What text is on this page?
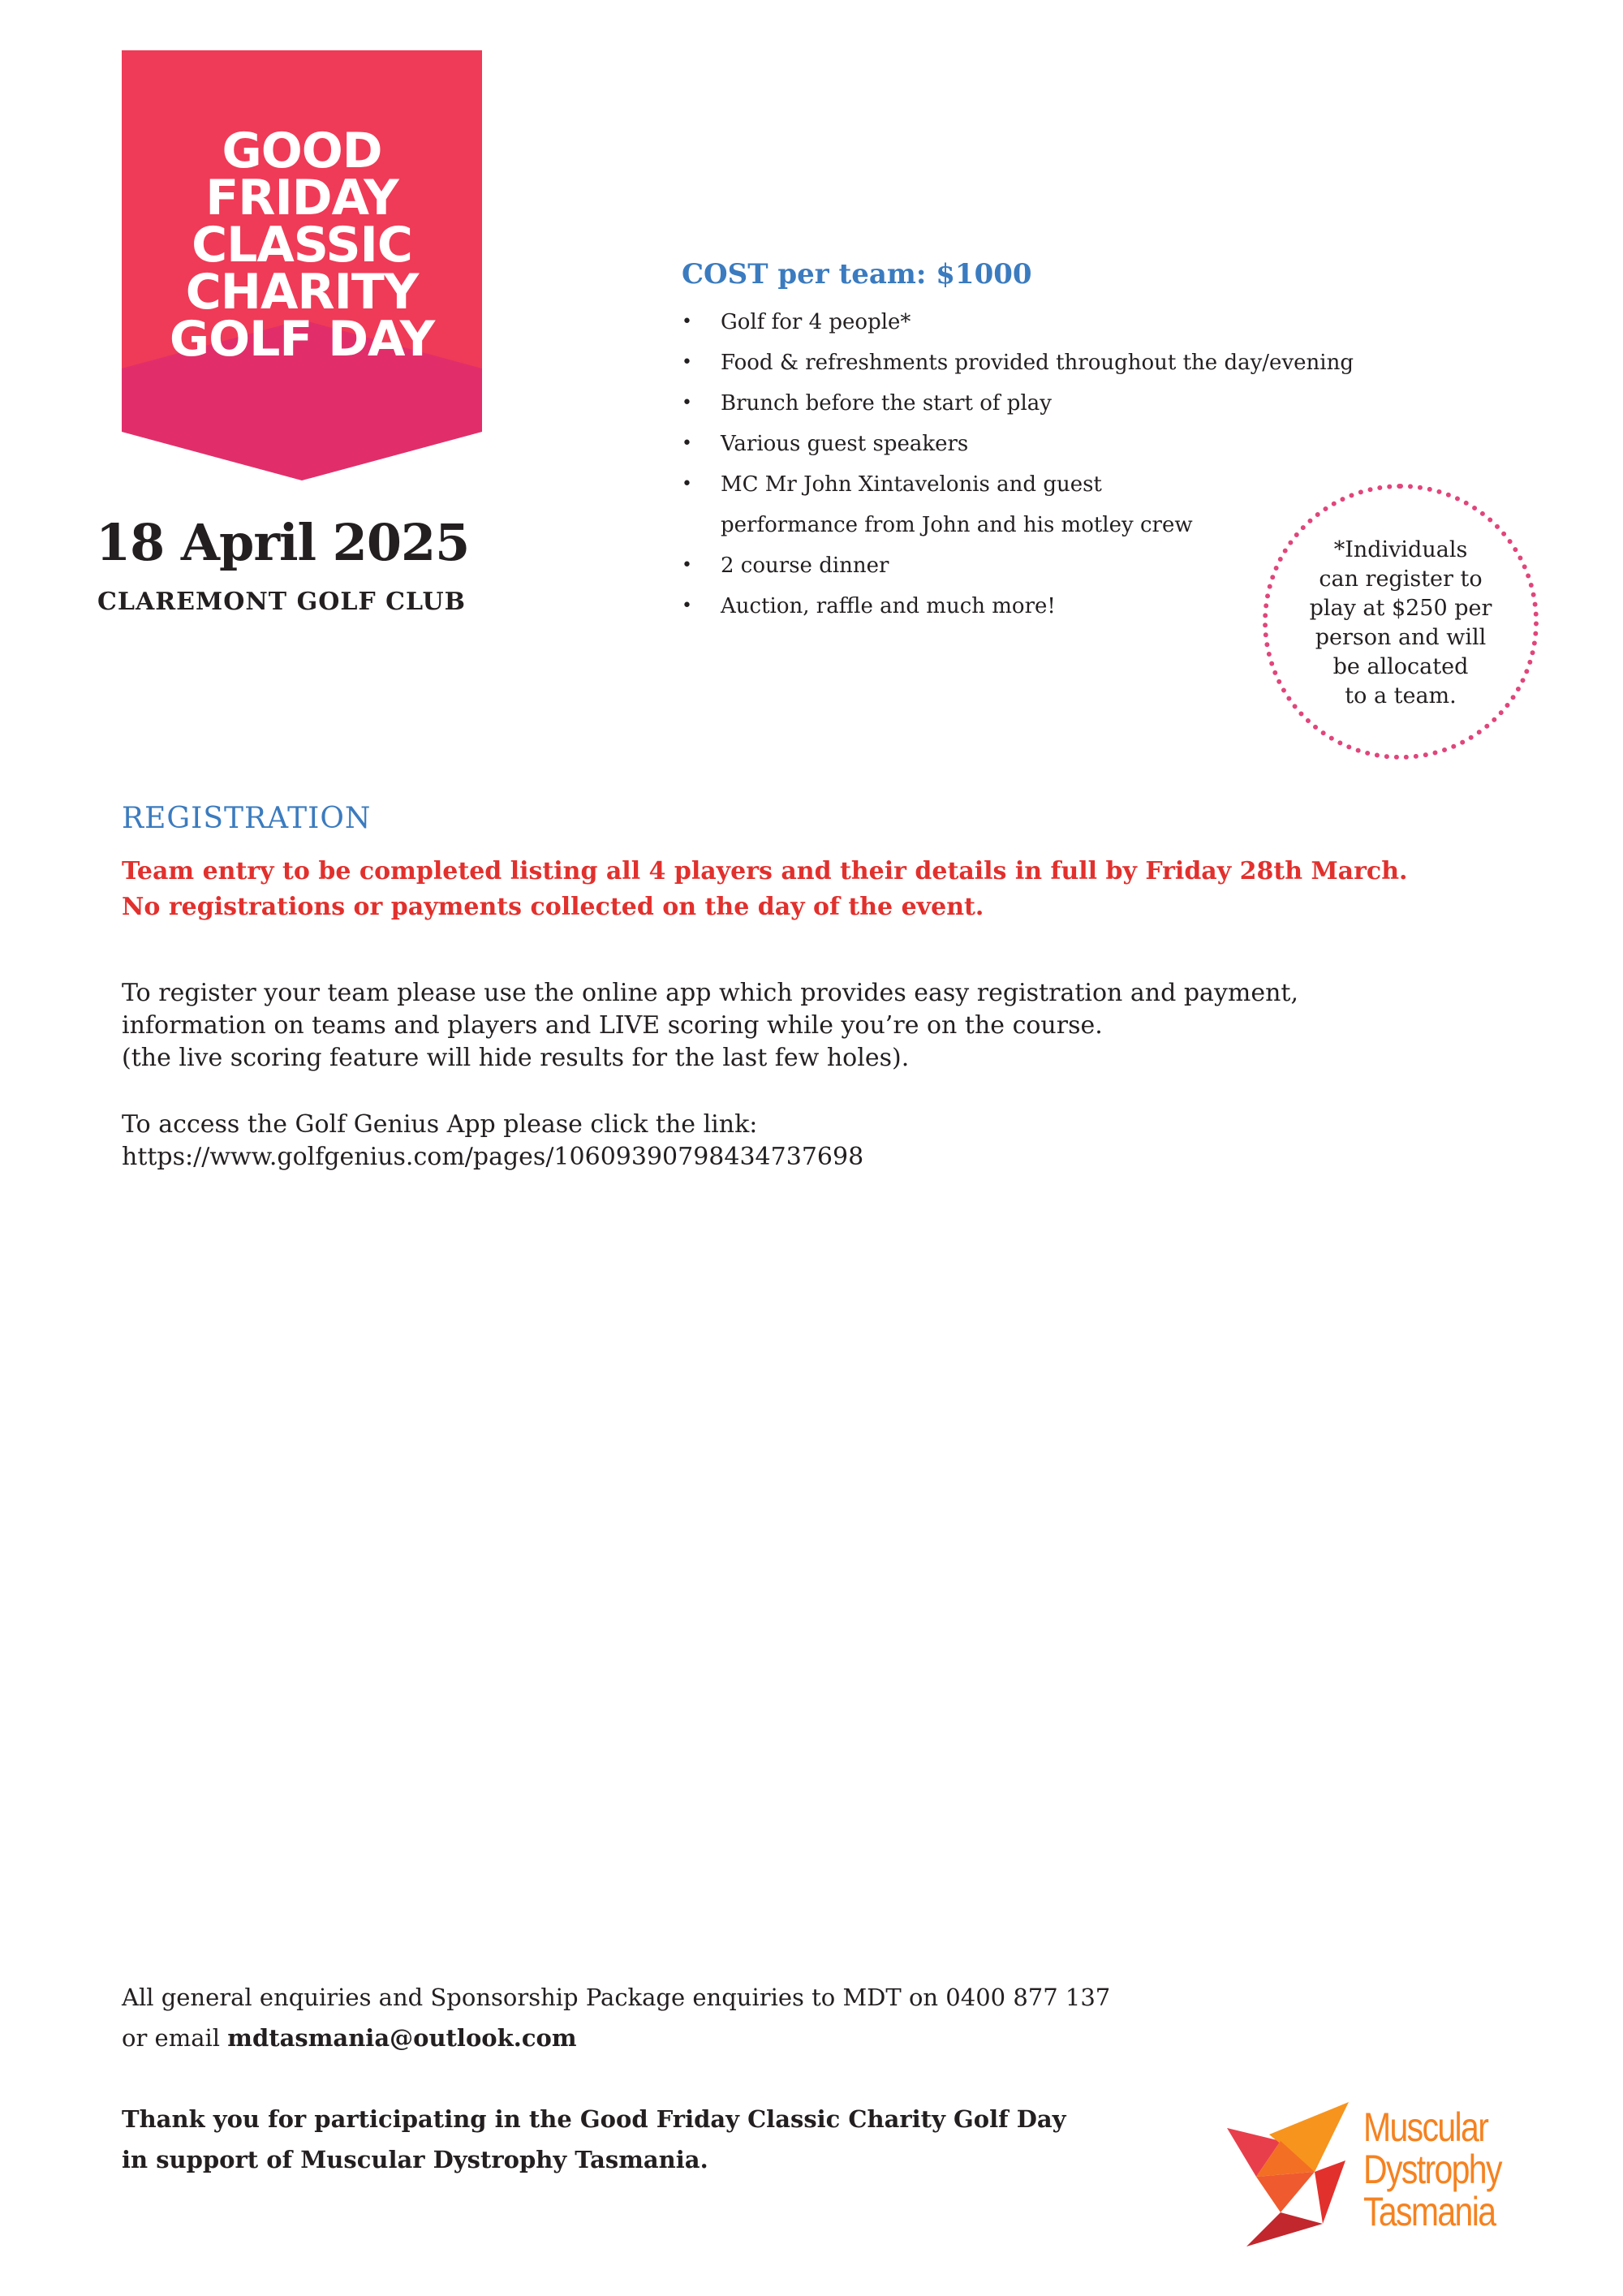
GOOD
FRIDAY
CLASSIC
CHARITY
GOLF DAY
18 April 2025
CLAREMONT GOLF CLUB
COST per team: $1000
• Golf for 4 people*
• Food & refreshments provided throughout the day/evening
• Brunch before the start of play
• Various guest speakers
• MC Mr John Xintavelonis and guest
performance from John and his motley crew
• 2 course dinner
• Auction, raffle and much more!
*Individuals
can register to
play at $250 per
person and will
be allocated
to a team.
REGISTRATION
Team entry to be completed listing all 4 players and their details in full by Friday 28th March.
No registrations or payments collected on the day of the event.
To register your team please use the online app which provides easy registration and payment,
information on teams and players and LIVE scoring while you’re on the course.
(the live scoring feature will hide results for the last few holes).
To access the Golf Genius App please click the link:
https://www.golfgenius.com/pages/10609390798434737698
All general enquiries and Sponsorship Package enquiries to MDT on 0400 877 137
or email mdtasmania@outlook.com
Thank you for participating in the Good Friday Classic Charity Golf Day
in support of Muscular Dystrophy Tasmania.
Muscular
Dystrophy
Tasmania
